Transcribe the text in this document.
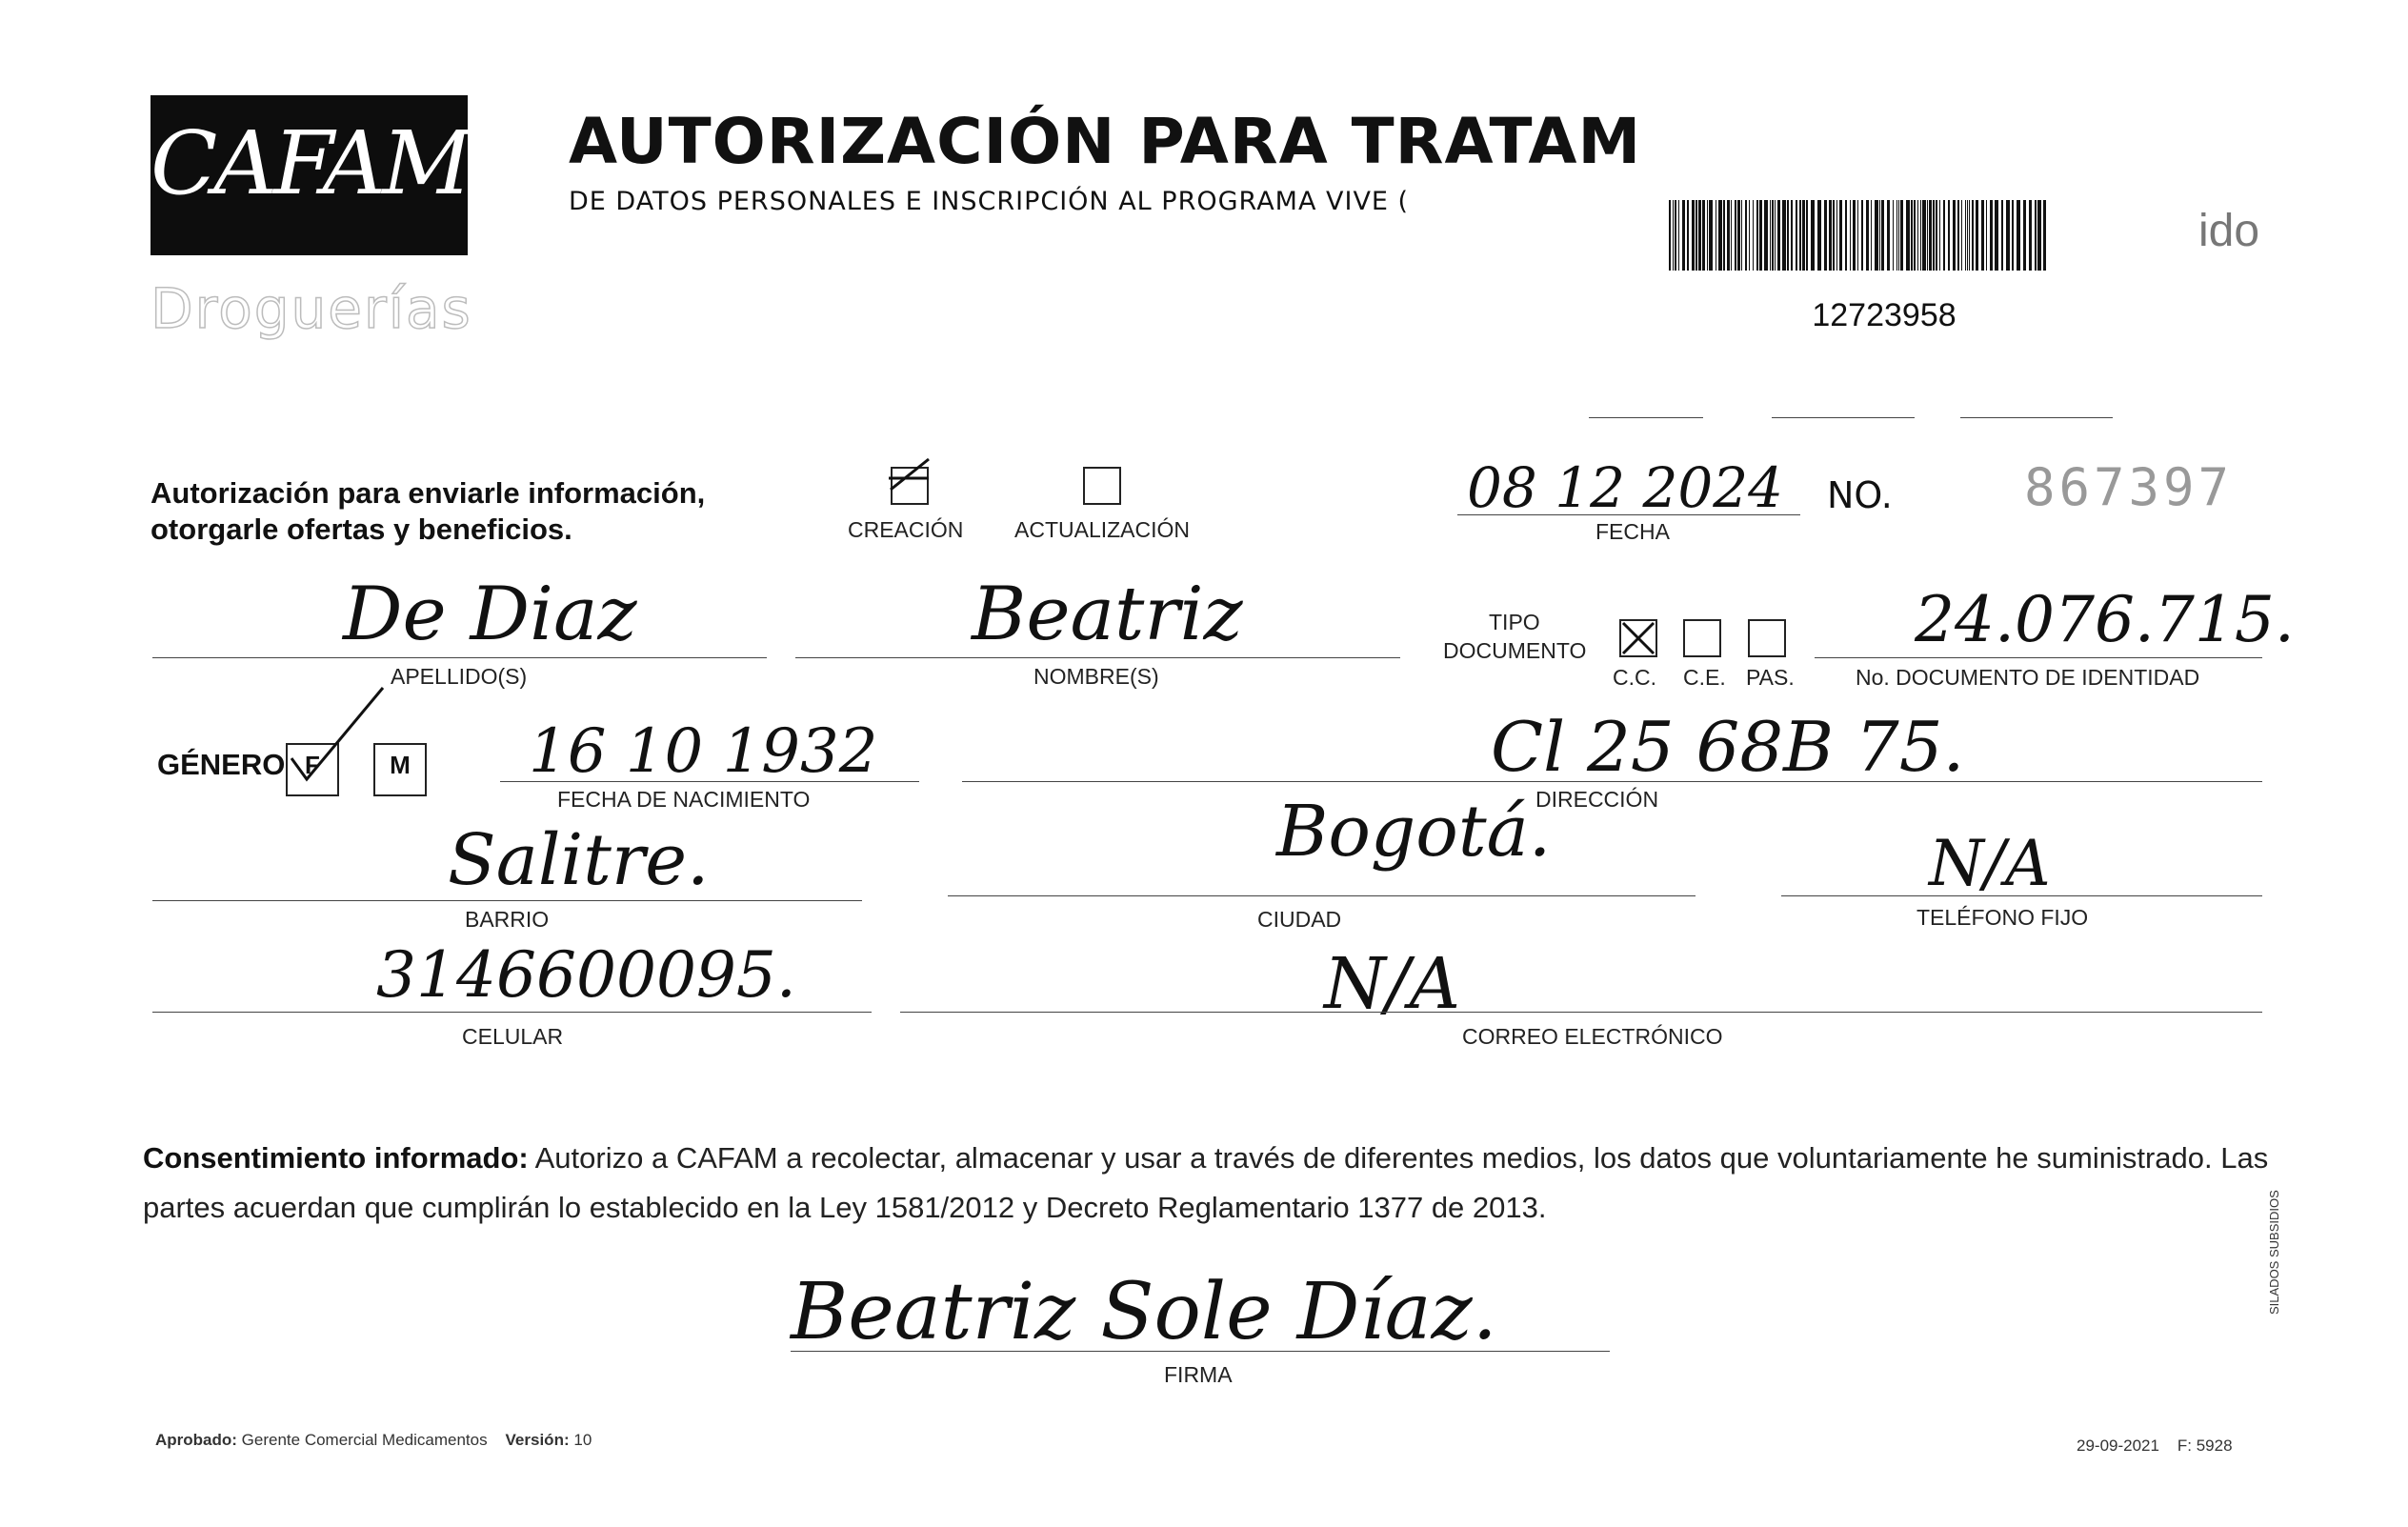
CAFAM
Droguerías
AUTORIZACIÓN PARA TRATAM
DE DATOS PERSONALES E INSCRIPCIÓN AL PROGRAMA VIVE (
12723958
ido
Autorización para enviarle información,
otorgarle ofertas y beneficios.	CREACIÓN ACTUALIZACIÓN
08 12 2024
FECHA
NO.	867397
De Diaz
APELLIDO(S)
Beatriz
NOMBRE(S)
TIPO
DOCUMENTO
C.C. C.E. PAS.
24.076.715.
No. DOCUMENTO DE IDENTIDAD
GÉNERO F	M 16 10 1932
FECHA DE NACIMIENTO
Cl 25 68B 75.
DIRECCIÓN
Salitre.
BARRIO
Bogotá.
CIUDAD
N/A
TELÉFONO FIJO
3146600095.
CELULAR
N/A
CORREO ELECTRÓNICO
Consentimiento informado: Autorizo a CAFAM a recolectar, almacenar y usar a través de diferentes medios, los datos que voluntariamente he suministrado. Las partes acuerdan que cumplirán lo establecido en la Ley 1581/2012 y Decreto Reglamentario 1377 de 2013.
Beatriz Sole Díaz.
FIRMA
Aprobado: Gerente Comercial Medicamentos Versión: 10	29-09-2021 F: 5928
SILADOS SUBSIDIOS
